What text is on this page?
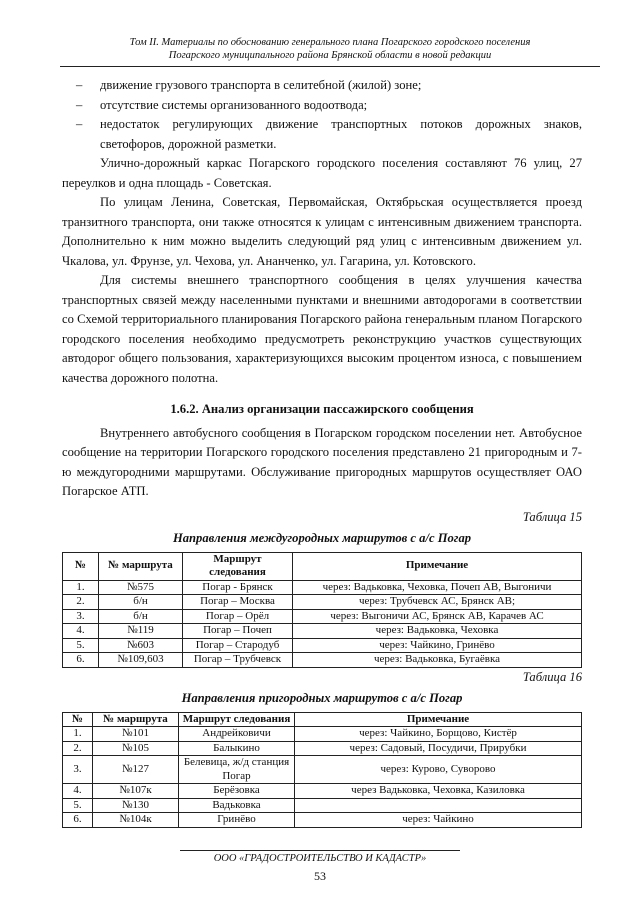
Том II. Материалы по обоснованию генерального плана Погарского городского поселения
Погарского муниципального района Брянской области в новой редакции
– движение грузового транспорта в селитебной (жилой) зоне;
– отсутствие системы организованного водоотвода;
– недостаток регулирующих движение транспортных потоков дорожных знаков, светофоров, дорожной разметки.

Улично-дорожный каркас Погарского городского поселения составляют 76 улиц, 27 переулков и одна площадь - Советская.

По улицам Ленина, Советская, Первомайская, Октябрьская осуществляется проезд транзитного транспорта, они также относятся к улицам с интенсивным движением транспорта. Дополнительно к ним можно выделить следующий ряд улиц с интенсивным движением ул. Чкалова, ул. Фрунзе, ул. Чехова, ул. Ананченко, ул. Гагарина, ул. Котовского.

Для системы внешнего транспортного сообщения в целях улучшения качества транспортных связей между населенными пунктами и внешними автодорогами в соответствии со Схемой территориального планирования Погарского района генеральным планом Погарского городского поселения необходимо предусмотреть реконструкцию участков существующих автодорог общего пользования, характеризующихся высоким процентом износа, с повышением качества дорожного полотна.

1.6.2. Анализ организации пассажирского сообщения

Внутреннего автобусного сообщения в Погарском городском поселении нет. Автобусное сообщение на территории Погарского городского поселения представлено 21 пригородным и 7-ю междугородними маршрутами. Обслуживание пригородных маршрутов осуществляет ОАО Погарское АТП.

Таблица 15
Направления междугородных маршрутов с а/с Погар
№	№ маршрута	Маршрут следования	Примечание
1.	№575	Погар - Брянск	через: Вадьковка, Чеховка, Почеп АВ, Выгоничи
2.	б/н	Погар – Москва	через: Трубчевск АС, Брянск АВ;
3.	б/н	Погар – Орёл	через: Выгоничи АС, Брянск АВ, Карачев АС
4.	№119	Погар – Почеп	через: Вадьковка, Чеховка
5.	№603	Погар – Стародуб	через: Чайкино, Гринёво
6.	№109,603	Погар – Трубчевск	через: Вадьковка, Бугаёвка
Таблица 16
Направления пригородных маршрутов с а/с Погар
№	№ маршрута	Маршрут следования	Примечание
1.	№101	Андрейковичи	через: Чайкино, Борщово, Кистёр
2.	№105	Балыкино	через: Садовый, Посудичи, Прирубки
3.	№127	Белевица, ж/д станция Погар	через: Курово, Суворово
4.	№107к	Берёзовка	через Вадьковка, Чеховка, Казиловка
5.	№130	Вадьковка	
6.	№104к	Гринёво	через: Чайкино
ООО «ГРАДОСТРОИТЕЛЬСТВО И КАДАСТР»
53
